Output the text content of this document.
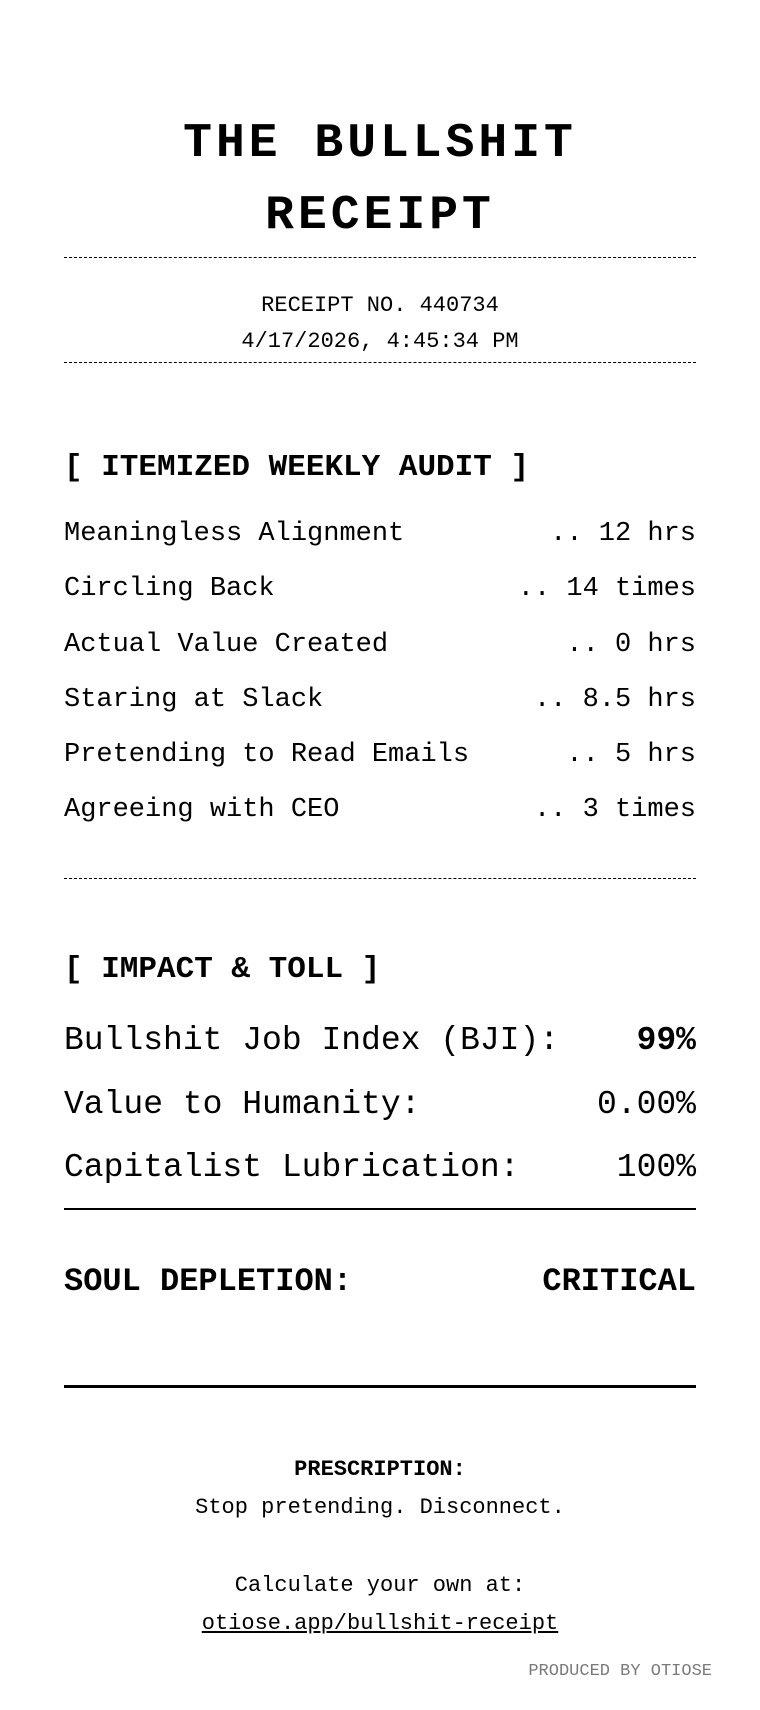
THE BULLSHIT
RECEIPT
RECEIPT NO. 440734
4/17/2026, 4:45:34 PM
[ ITEMIZED WEEKLY AUDIT ]
Meaningless Alignment	.. 12 hrs
Circling Back	.. 14 times
Actual Value Created	.. 0 hrs
Staring at Slack	.. 8.5 hrs
Pretending to Read Emails	.. 5 hrs
Agreeing with CEO	.. 3 times
[ IMPACT & TOLL ]
Bullshit Job Index (BJI): 99%
Value to Humanity:	0.00%
Capitalist Lubrication:	100%
SOUL DEPLETION:	CRITICAL
PRESCRIPTION:
Stop pretending. Disconnect.
Calculate your own at:
otiose.app/bullshit-receipt
PRODUCED BY OTIOSE
